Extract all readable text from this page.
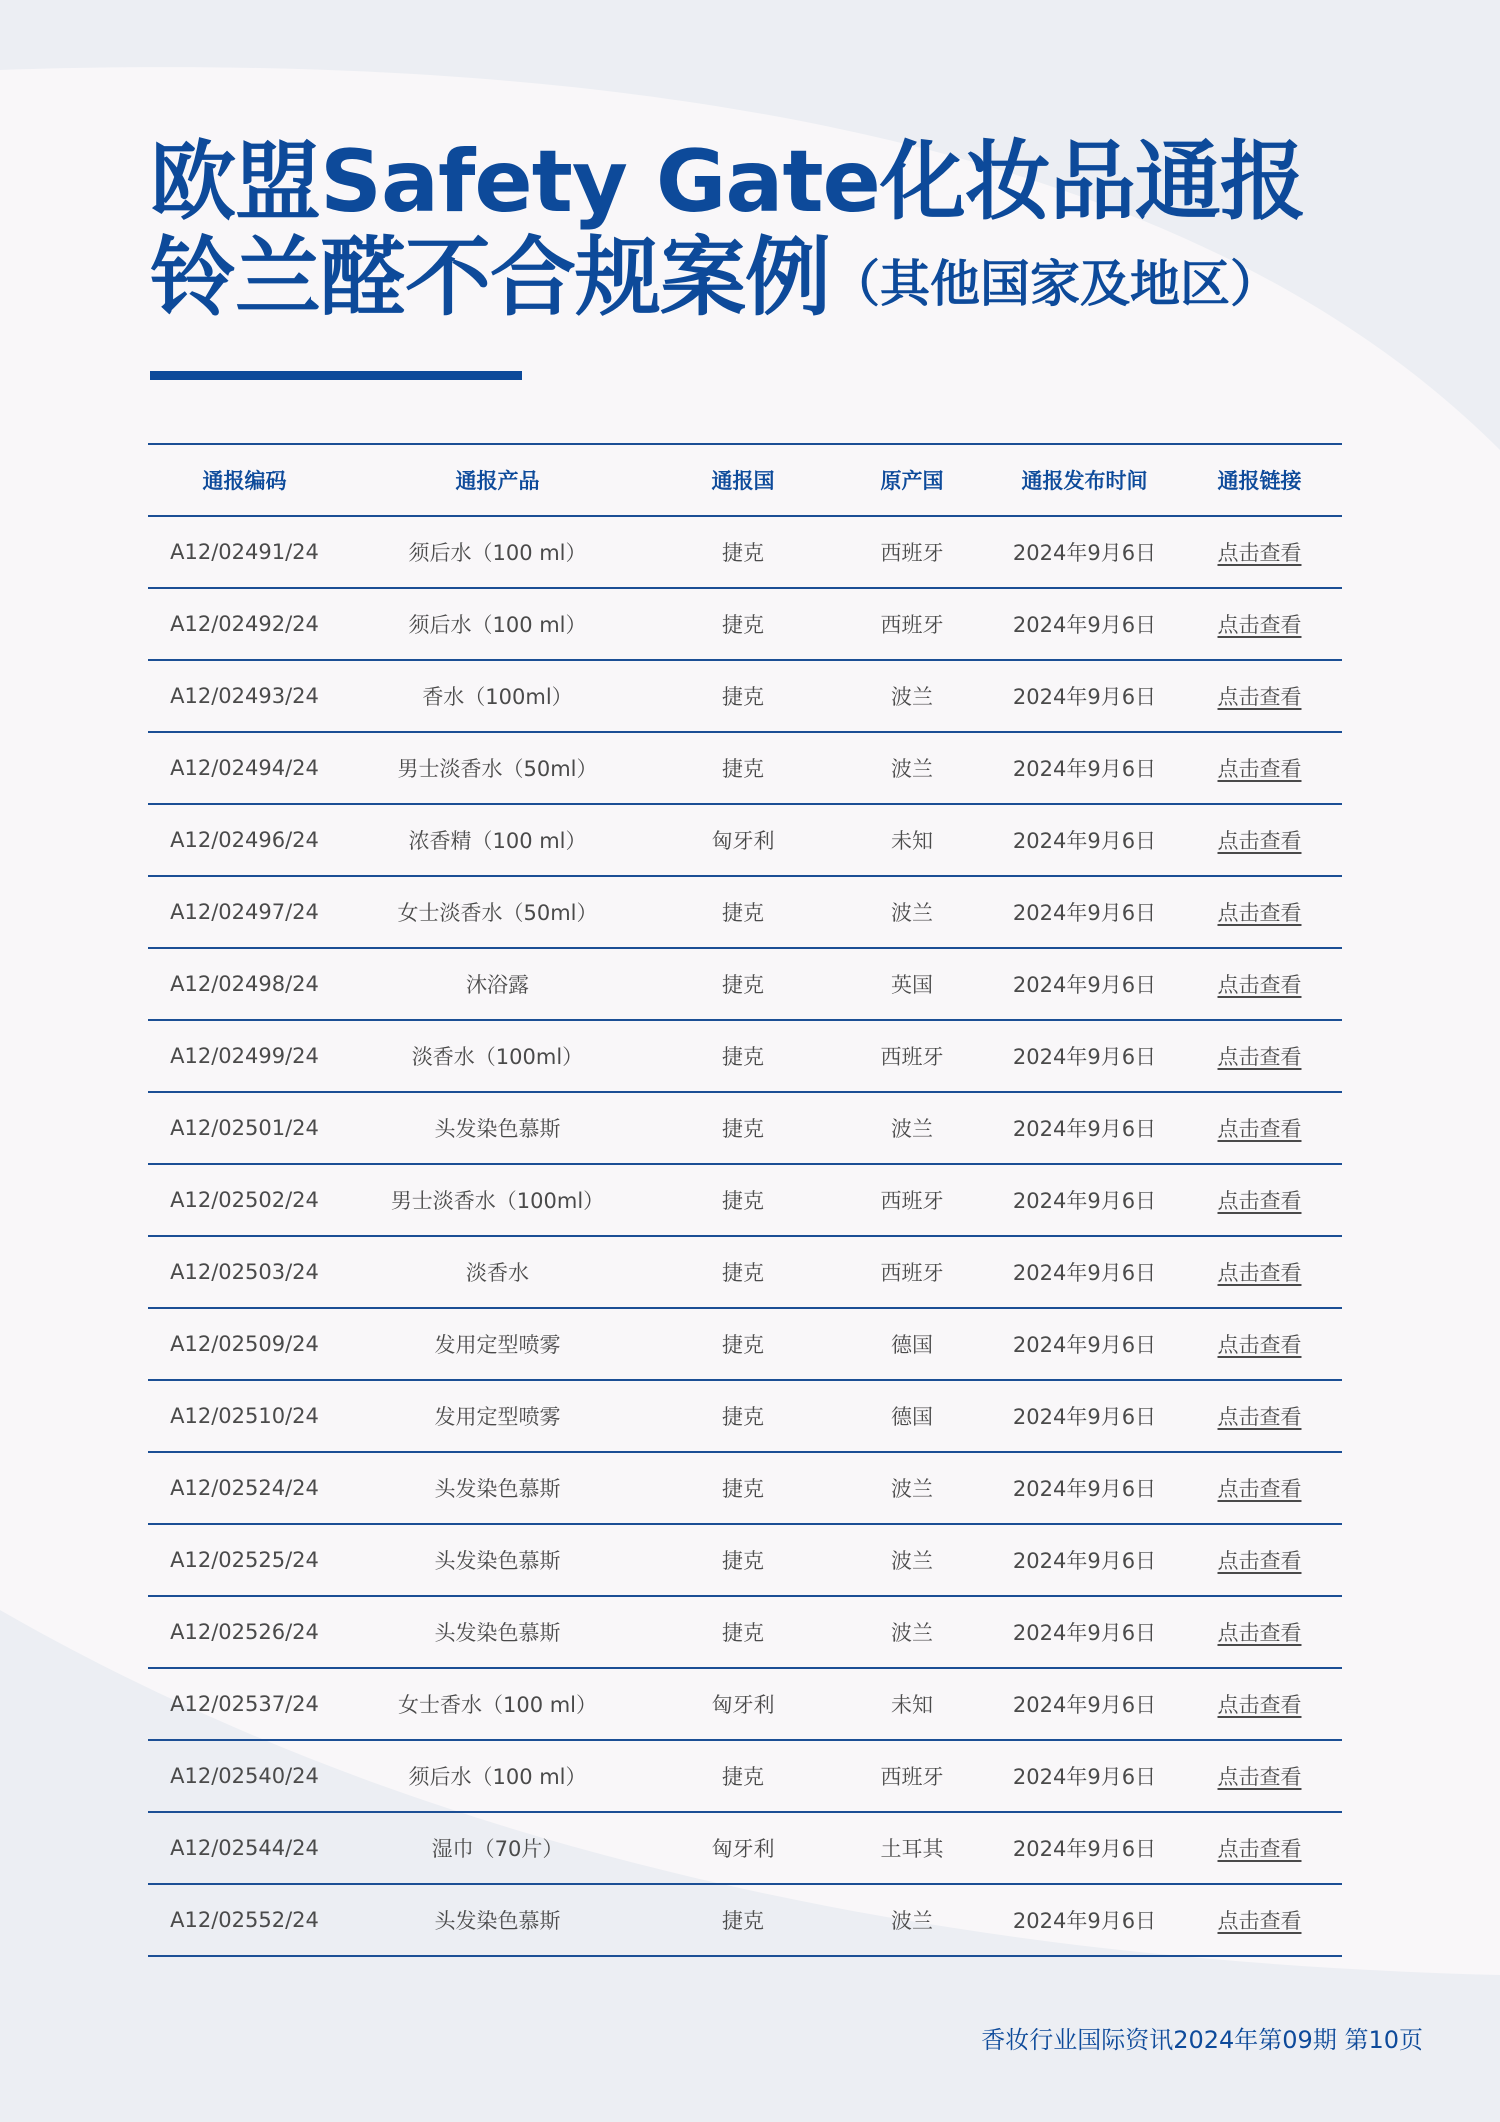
欧盟Safety Gate化妆品通报
铃兰醛不合规案例（其他国家及地区）
通报编码	通报产品	通报国	原产国	通报发布时间	通报链接
A12/02491/24	须后水（100 ml）	捷克	西班牙	2024年9月6日	点击查看
A12/02492/24	须后水（100 ml）	捷克	西班牙	2024年9月6日	点击查看
A12/02493/24	香水（100ml）	捷克	波兰	2024年9月6日	点击查看
A12/02494/24	男士淡香水（50ml）	捷克	波兰	2024年9月6日	点击查看
A12/02496/24	浓香精（100 ml）	匈牙利	未知	2024年9月6日	点击查看
A12/02497/24	女士淡香水（50ml）	捷克	波兰	2024年9月6日	点击查看
A12/02498/24	沐浴露	捷克	英国	2024年9月6日	点击查看
A12/02499/24	淡香水（100ml）	捷克	西班牙	2024年9月6日	点击查看
A12/02501/24	头发染色慕斯	捷克	波兰	2024年9月6日	点击查看
A12/02502/24	男士淡香水（100ml）	捷克	西班牙	2024年9月6日	点击查看
A12/02503/24	淡香水	捷克	西班牙	2024年9月6日	点击查看
A12/02509/24	发用定型喷雾	捷克	德国	2024年9月6日	点击查看
A12/02510/24	发用定型喷雾	捷克	德国	2024年9月6日	点击查看
A12/02524/24	头发染色慕斯	捷克	波兰	2024年9月6日	点击查看
A12/02525/24	头发染色慕斯	捷克	波兰	2024年9月6日	点击查看
A12/02526/24	头发染色慕斯	捷克	波兰	2024年9月6日	点击查看
A12/02537/24	女士香水（100 ml）	匈牙利	未知	2024年9月6日	点击查看
A12/02540/24	须后水（100 ml）	捷克	西班牙	2024年9月6日	点击查看
A12/02544/24	湿巾（70片）	匈牙利	土耳其	2024年9月6日	点击查看
A12/02552/24	头发染色慕斯	捷克	波兰	2024年9月6日	点击查看
香妆行业国际资讯2024年第09期 第10页
